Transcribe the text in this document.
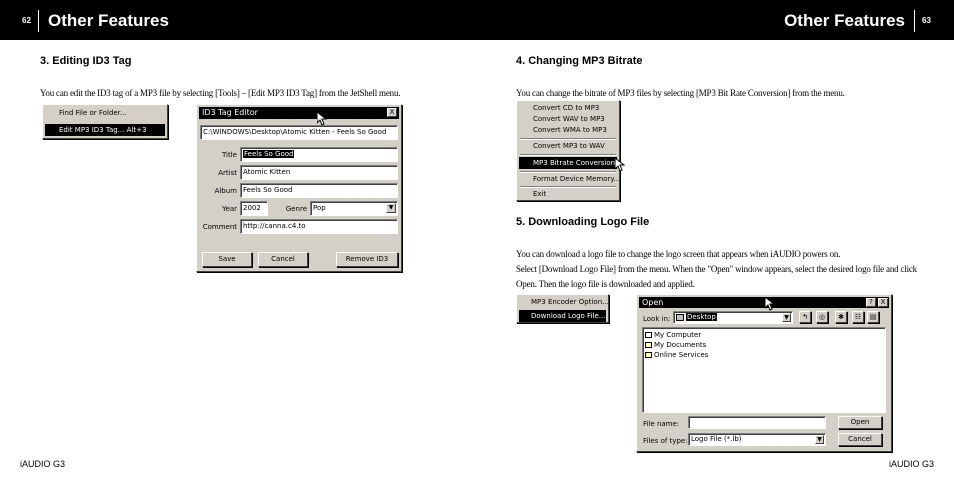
62 Other Features	Other Features 63
3. Editing ID3 Tag
You can edit the ID3 tag of a MP3 file by selecting [Tools] – [Edit MP3 ID3 Tag] from the JetShell menu.
Find File or Folder...
Edit MP3 ID3 Tag... Alt+3
ID3 Tag Editor	X
C:\WINDOWS\Desktop\Atomic Kitten - Feels So Good
Title	Feels So Good
Artist Atomic Kitten
Album Feels So Good
Year 2002	Genre Pop	▼
Comment http://canna.c4.to
Save	Cancel	Remove ID3
iAUDIO G3
4. Changing MP3 Bitrate
You can change the bitrate of MP3 files by selecting [MP3 Bit Rate Conversion] from the menu.
Convert CD to MP3
Convert WAV to MP3
Convert WMA to MP3
Convert MP3 to WAV
MP3 Bitrate Conversion
Format Device Memory...
Exit
5. Downloading Logo File
You can download a logo file to change the logo screen that appears when iAUDIO powers on.
Select [Download Logo File] from the menu. When the "Open" window appears, select the desired logo file and click
Open. Then the logo file is downloaded and applied.
MP3 Encoder Option...
Download Logo File...
Open	?	X
Look in:	Desktop	▼	↰	◎	✱	☷	▤
My Computer
My Documents
Online Services
File name:	Open
Files of type: Logo File (*.lb)	▼	Cancel
iAUDIO G3
